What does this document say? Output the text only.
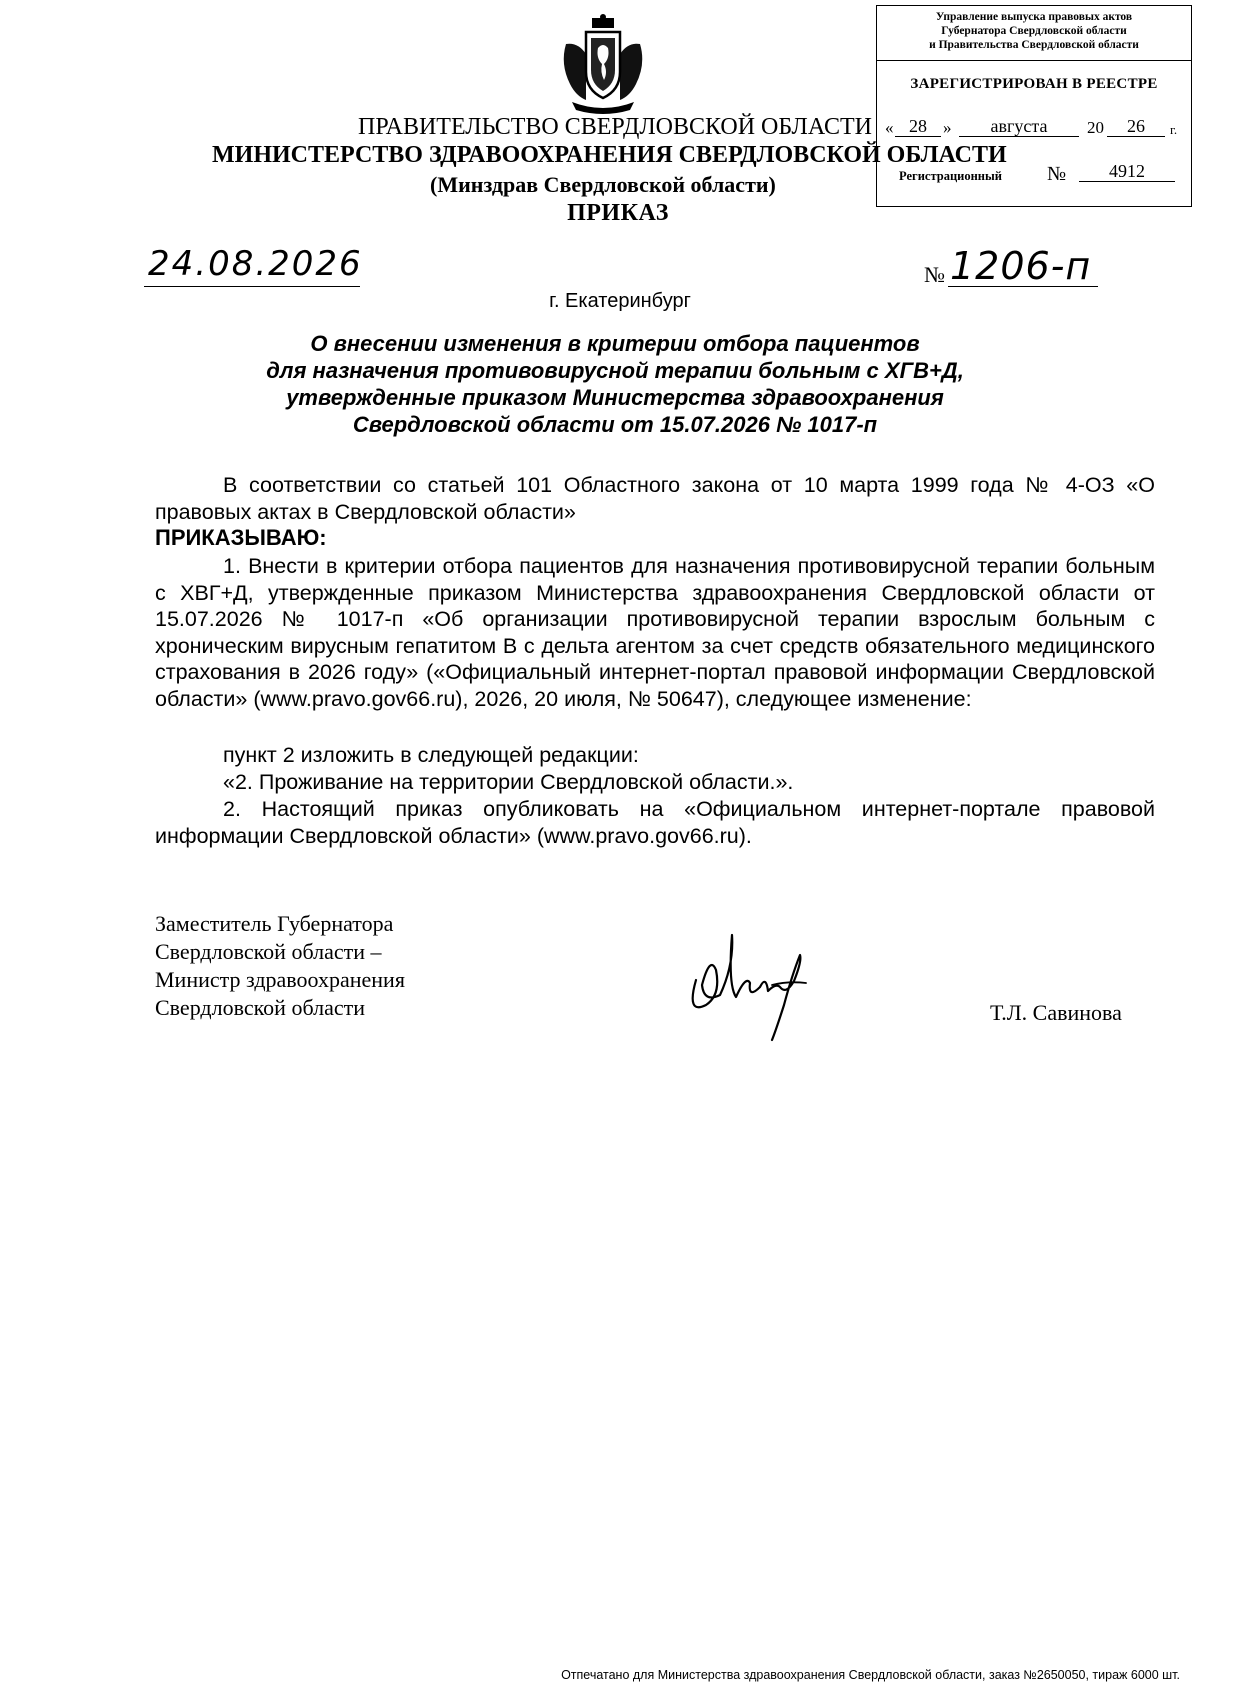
Управление выпуска правовых актов
Губернатора Свердловской области
и Правительства Свердловской области
ЗАРЕГИСТРИРОВАН В РЕЕСТРЕ
« 28 »	августа	20	26	г.
Регистрационный №	4912
ПРАВИТЕЛЬСТВО СВЕРДЛОВСКОЙ ОБЛАСТИ
МИНИСТЕРСТВО ЗДРАВООХРАНЕНИЯ СВЕРДЛОВСКОЙ ОБЛАСТИ
(Минздрав Свердловской области)
ПРИКАЗ
24.08.2026	№ 1206-п
г. Екатеринбург
О внесении изменения в критерии отбора пациентов
для назначения противовирусной терапии больным с ХГВ+Д,
утвержденные приказом Министерства здравоохранения
Свердловской области от 15.07.2026 № 1017-п
В соответствии со статьей 101 Областного закона от 10 марта 1999 года № 4-ОЗ «О правовых актах в Свердловской области»
ПРИКАЗЫВАЮ:
1. Внести в критерии отбора пациентов для назначения противовирусной терапии больным с ХВГ+Д, утвержденные приказом Министерства здравоохранения Свердловской области от 15.07.2026 № 1017-п «Об организации противовирусной терапии взрослым больным с хроническим вирусным гепатитом В с дельта агентом за счет средств обязательного медицинского страхования в 2026 году» («Официальный интернет-портал правовой информации Свердловской области» (www.pravo.gov66.ru), 2026, 20 июля, № 50647), следующее изменение:
пункт 2 изложить в следующей редакции:
«2. Проживание на территории Свердловской области.».
2. Настоящий приказ опубликовать на «Официальном интернет-портале правовой информации Свердловской области» (www.pravo.gov66.ru).
Заместитель Губернатора
Свердловской области –
Министр здравоохранения
Свердловской области	Т.Л. Савинова
Отпечатано для Министерства здравоохранения Свердловской области, заказ №2650050, тираж 6000 шт.
